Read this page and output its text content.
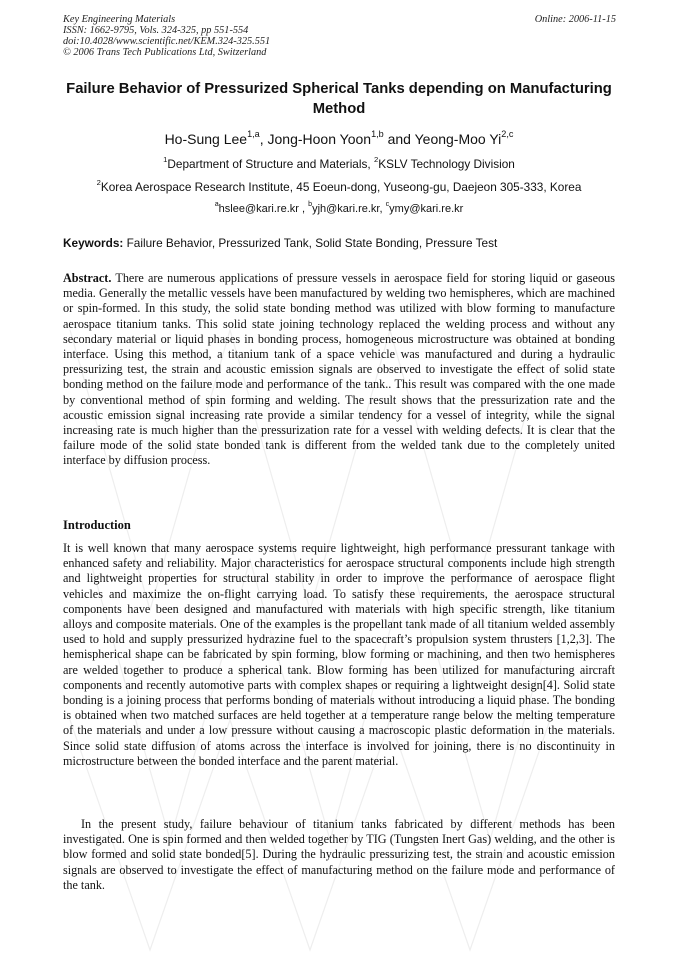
Key Engineering Materials
ISSN: 1662-9795, Vols. 324-325, pp 551-554
doi:10.4028/www.scientific.net/KEM.324-325.551
© 2006 Trans Tech Publications Ltd, Switzerland
Online: 2006-11-15
Failure Behavior of Pressurized Spherical Tanks depending on Manufacturing Method
Ho-Sung Lee$^{1,a}$, Jong-Hoon Yoon$^{1,b}$ and Yeong-Moo Yi$^{2,c}$
$^1$Department of Structure and Materials, $^2$KSLV Technology Division
$^2$Korea Aerospace Research Institute, 45 Eoeun-dong, Yuseong-gu, Daejeon 305-333, Korea
$^a$hslee@kari.re.kr , $^b$yjh@kari.re.kr, $^c$ymy@kari.re.kr
Keywords: Failure Behavior, Pressurized Tank, Solid State Bonding, Pressure Test
Abstract. There are numerous applications of pressure vessels in aerospace field for storing liquid or gaseous media. Generally the metallic vessels have been manufactured by welding two hemispheres, which are machined or spin-formed. In this study, the solid state bonding method was utilized with blow forming to manufacture aerospace titanium tanks. This solid state joining technology replaced the welding process and without any secondary material or liquid phases in bonding process, homogeneous microstructure was obtained at bonding interface. Using this method, a titanium tank of a space vehicle was manufactured and during a hydraulic pressurizing test, the strain and acoustic emission signals are observed to investigate the effect of solid state bonding method on the failure mode and performance of the tank.. This result was compared with the one made by conventional method of spin forming and welding. The result shows that the pressurization rate and the acoustic emission signal increasing rate provide a similar tendency for a vessel of integrity, while the signal increasing rate is much higher than the pressurization rate for a vessel with welding defects. It is clear that the failure mode of the solid state bonded tank is different from the welded tank due to the completely united interface by diffusion process.
Introduction
It is well known that many aerospace systems require lightweight, high performance pressurant tankage with enhanced safety and reliability. Major characteristics for aerospace structural components include high strength and lightweight properties for structural stability in order to improve the performance of aerospace flight vehicles and maximize the on-flight carrying load. To satisfy these requirements, the aerospace structural components have been designed and manufactured with materials with high specific strength, like titanium alloys and composite materials. One of the examples is the propellant tank made of all titanium welded assembly used to hold and supply pressurized hydrazine fuel to the spacecraft’s propulsion system thrusters [1,2,3]. The hemispherical shape can be fabricated by spin forming, blow forming or machining, and then two hemispheres are welded together to produce a spherical tank. Blow forming has been utilized for manufacturing aircraft components and recently automotive parts with complex shapes or requiring a lightweight design[4]. Solid state bonding is a joining process that performs bonding of materials without introducing a liquid phase. The bonding is obtained when two matched surfaces are held together at a temperature range below the melting temperature of the materials and under a low pressure without causing a macroscopic plastic deformation in the materials. Since solid state diffusion of atoms across the interface is involved for joining, there is no discontinuity in microstructure between the bonded interface and the parent material.
In the present study, failure behaviour of titanium tanks fabricated by different methods has been investigated. One is spin formed and then welded together by TIG (Tungsten Inert Gas) welding, and the other is blow formed and solid state bonded[5]. During the hydraulic pressurizing test, the strain and acoustic emission signals are observed to investigate the effect of manufacturing method on the failure mode and performance of the tank.
